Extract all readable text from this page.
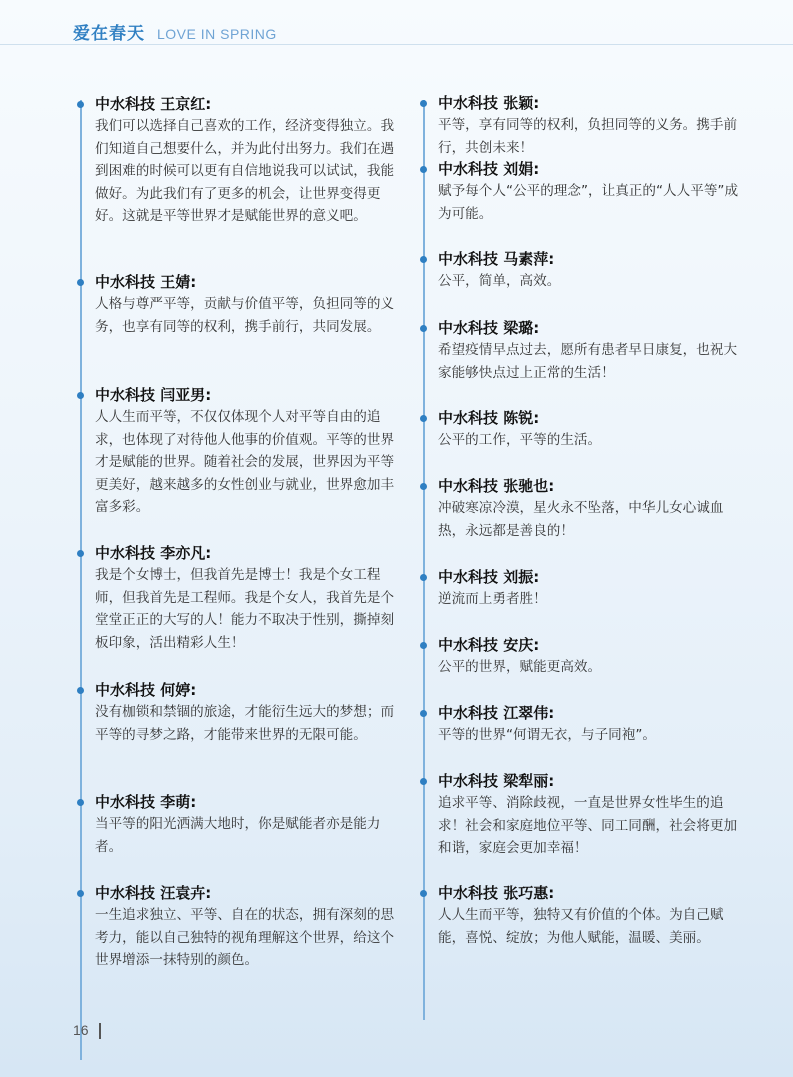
爱在春天 LOVE IN SPRING
中水科技 王京红:
我们可以选择自己喜欢的工作，经济变得独立。我们知道自己想要什么，并为此付出努力。我们在遇到困难的时候可以更有自信地说我可以试试，我能做好。为此我们有了更多的机会，让世界变得更好。这就是平等世界才是赋能世界的意义吧。
中水科技 王婧:
人格与尊严平等，贡献与价值平等，负担同等的义务，也享有同等的权利，携手前行，共同发展。
中水科技 闫亚男:
人人生而平等，不仅仅体现个人对平等自由的追求，也体现了对待他人他事的价值观。平等的世界才是赋能的世界。随着社会的发展，世界因为平等更美好，越来越多的女性创业与就业，世界愈加丰富多彩。
中水科技 李亦凡:
我是个女博士，但我首先是博士！我是个女工程师，但我首先是工程师。我是个女人，我首先是个堂堂正正的大写的人！能力不取决于性别，撕掉刻板印象，活出精彩人生！
中水科技 何婷:
没有枷锁和禁锢的旅途，才能衍生远大的梦想；而平等的寻梦之路，才能带来世界的无限可能。
中水科技 李萌:
当平等的阳光洒满大地时，你是赋能者亦是能力者。
中水科技 汪袁卉:
一生追求独立、平等、自在的状态，拥有深刻的思考力，能以自己独特的视角理解这个世界，给这个世界增添一抹特别的颜色。
中水科技 张颖:
平等，享有同等的权利，负担同等的义务。携手前行，共创未来！
中水科技 刘娟:
赋予每个人“公平的理念”，让真正的“人人平等”成为可能。
中水科技 马素萍:
公平，简单，高效。
中水科技 梁璐:
希望疫情早点过去，愿所有患者早日康复，也祝大家能够快点过上正常的生活！
中水科技 陈锐:
公平的工作，平等的生活。
中水科技 张驰也:
冲破寒凉冷漠，星火永不坠落，中华儿女心诚血热，永远都是善良的！
中水科技 刘振:
逆流而上勇者胜！
中水科技 安庆:
公平的世界，赋能更高效。
中水科技 江翠伟:
平等的世界“何谓无衣，与子同袍”。
中水科技 梁犁丽:
追求平等、消除歧视，一直是世界女性毕生的追求！社会和家庭地位平等、同工同酬，社会将更加和谐，家庭会更加幸福！
中水科技 张巧惠:
人人生而平等，独特又有价值的个体。为自己赋能，喜悦、绽放；为他人赋能，温暖、美丽。
16
